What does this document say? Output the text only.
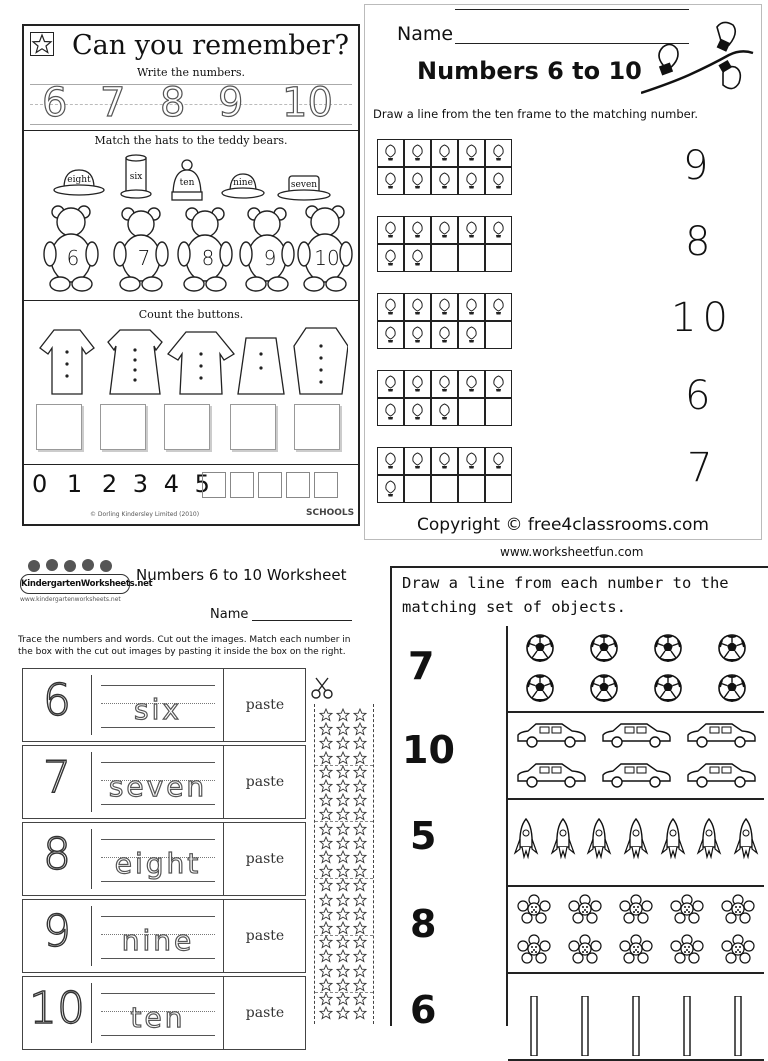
Can you remember?
Write the numbers.
6 7 8 9 10
Match the hats to the teddy bears.
eight	six
ten	nine	seven
6	7	8 9 10
Count the buttons.
0 1 2 3 4 5
© Dorling Kindersley Limited (2010)	SCHOOLS
Name
Numbers 6 to 10
Draw a line from the ten frame to the matching number.
9
8
10
6
7
Copyright © free4classrooms.com
KindergartenWorksheets.net
www.kindergartenworksheets.net
Numbers 6 to 10 Worksheet
Name
Trace the numbers and words. Cut out the images. Match each number in the box with the cut out images by pasting it inside the box on the right.
6	six	paste
7	seven	paste
8	eight	paste
9	nine	paste
10	ten	paste
www.worksheetfun.com
Draw a line from each number to the
matching set of objects.
7
10
5
8
6
